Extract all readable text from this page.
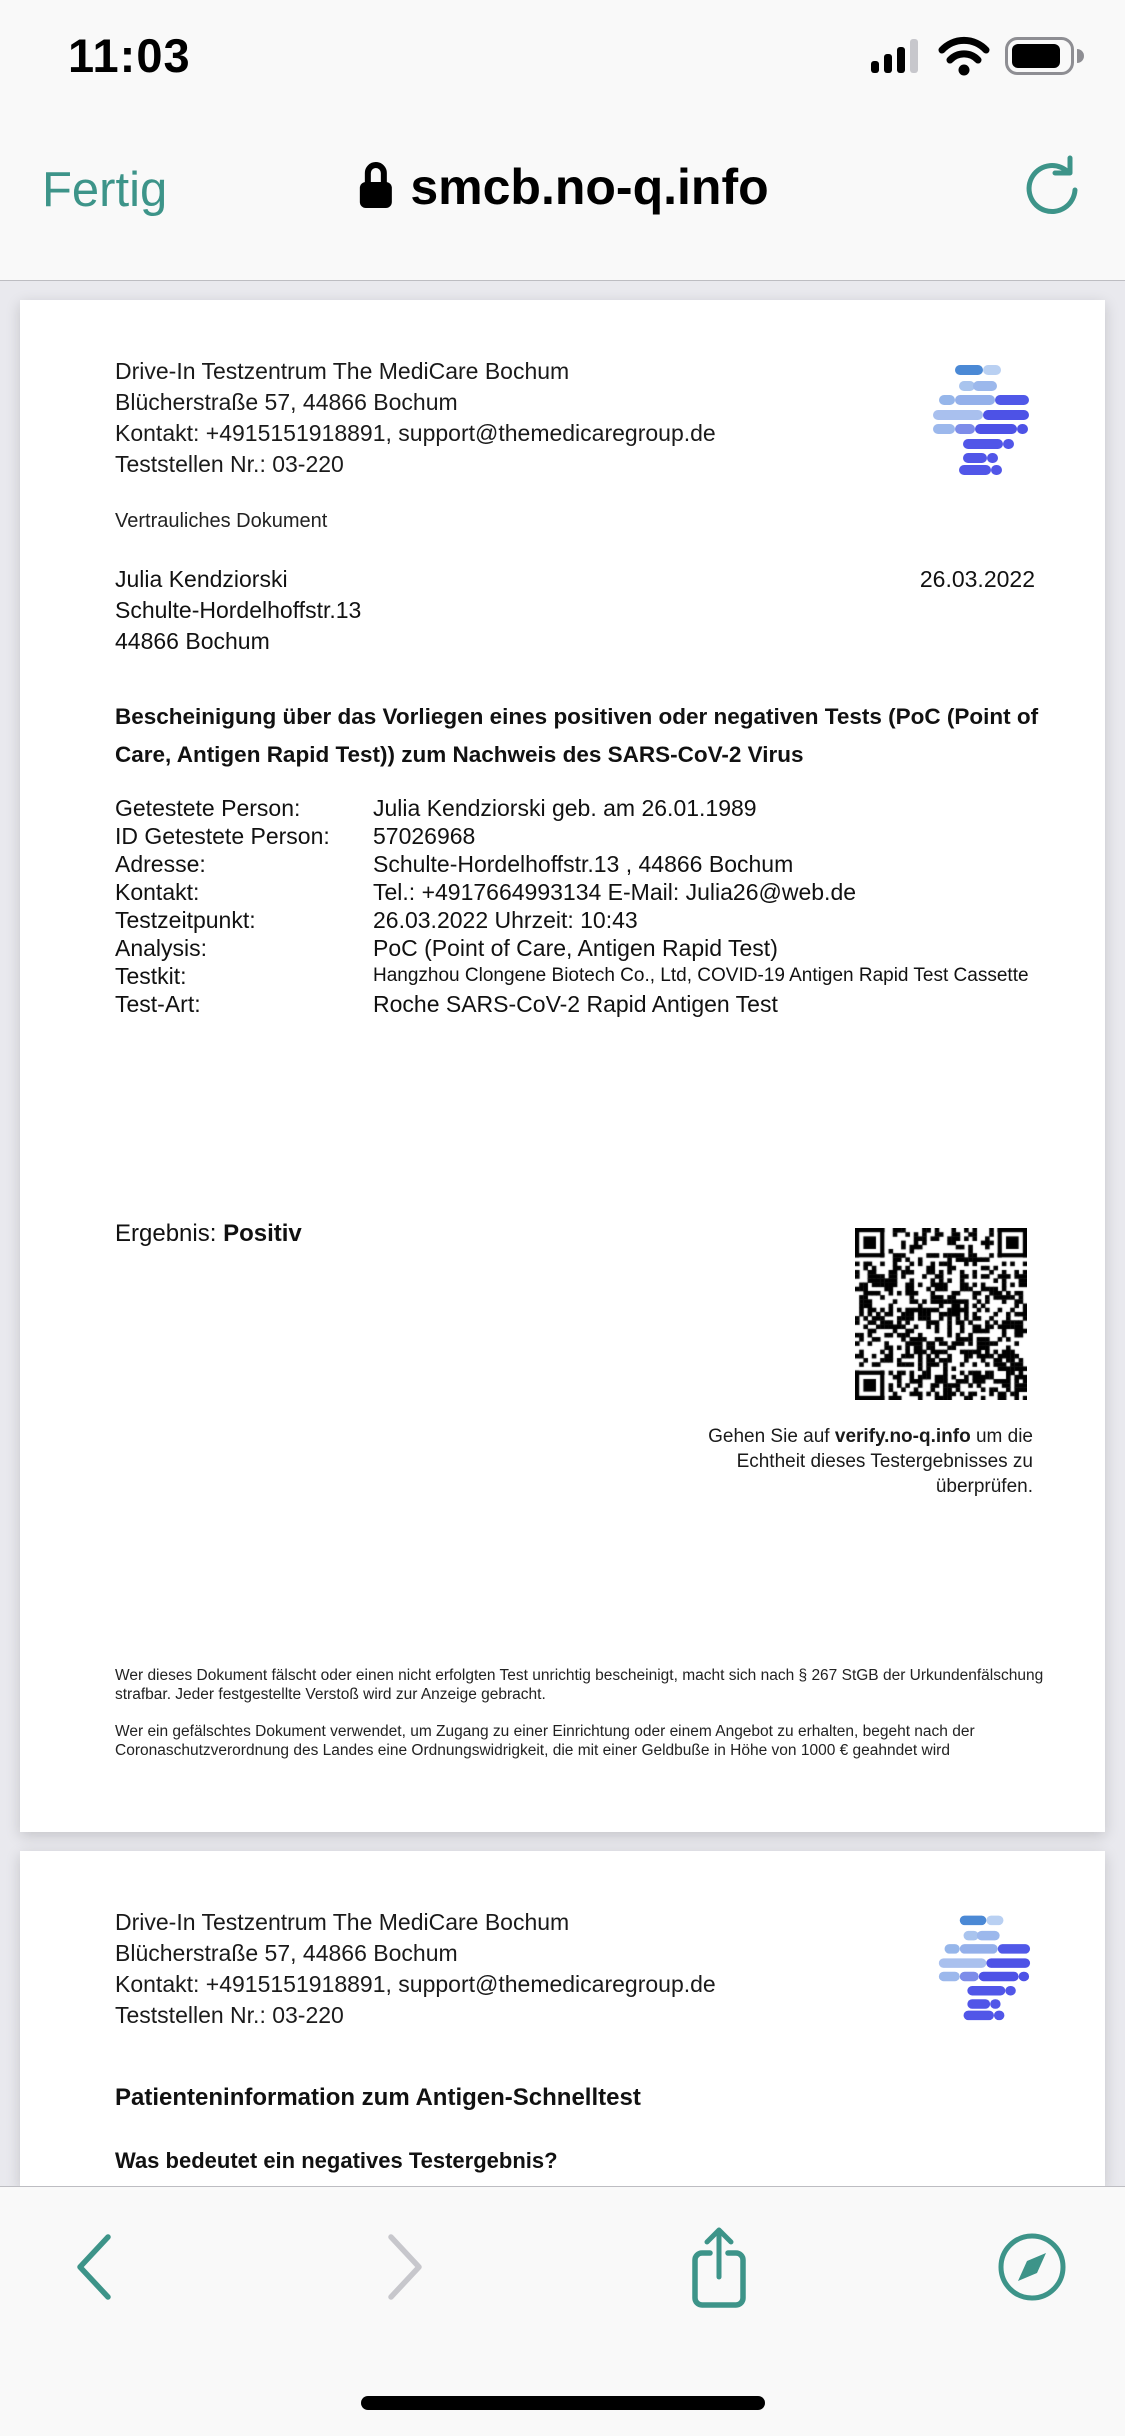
11:03
Fertig	smcb.no-q.info
Drive-In Testzentrum The MediCare Bochum
Blücherstraße 57, 44866 Bochum
Kontakt: +4915151918891, support@themedicaregroup.de
Teststellen Nr.: 03-220
Vertrauliches Dokument
Julia Kendziorski	26.03.2022
Schulte-Hordelhoffstr.13
44866 Bochum
Bescheinigung über das Vorliegen eines positiven oder negativen Tests (PoC (Point of Care, Antigen Rapid Test)) zum Nachweis des SARS-CoV-2 Virus
Getestete Person:	Julia Kendziorski geb. am 26.01.1989
ID Getestete Person:	57026968
Adresse:	Schulte-Hordelhoffstr.13 , 44866 Bochum
Kontakt:	Tel.: +4917664993134 E-Mail: Julia26@web.de
Testzeitpunkt:	26.03.2022 Uhrzeit: 10:43
Analysis:	PoC (Point of Care, Antigen Rapid Test)
Testkit:	Hangzhou Clongene Biotech Co., Ltd, COVID-19 Antigen Rapid Test Cassette
Test-Art:	Roche SARS-CoV-2 Rapid Antigen Test
Ergebnis: Positiv
Gehen Sie auf verify.no-q.info um die Echtheit dieses Testergebnisses zu überprüfen.
Wer dieses Dokument fälscht oder einen nicht erfolgten Test unrichtig bescheinigt, macht sich nach § 267 StGB der Urkundenfälschung strafbar. Jeder festgestellte Verstoß wird zur Anzeige gebracht.
Wer ein gefälschtes Dokument verwendet, um Zugang zu einer Einrichtung oder einem Angebot zu erhalten, begeht nach der Coronaschutzverordnung des Landes eine Ordnungswidrigkeit, die mit einer Geldbuße in Höhe von 1000 € geahndet wird
Drive-In Testzentrum The MediCare Bochum
Blücherstraße 57, 44866 Bochum
Kontakt: +4915151918891, support@themedicaregroup.de
Teststellen Nr.: 03-220
Patienteninformation zum Antigen-Schnelltest
Was bedeutet ein negatives Testergebnis?
